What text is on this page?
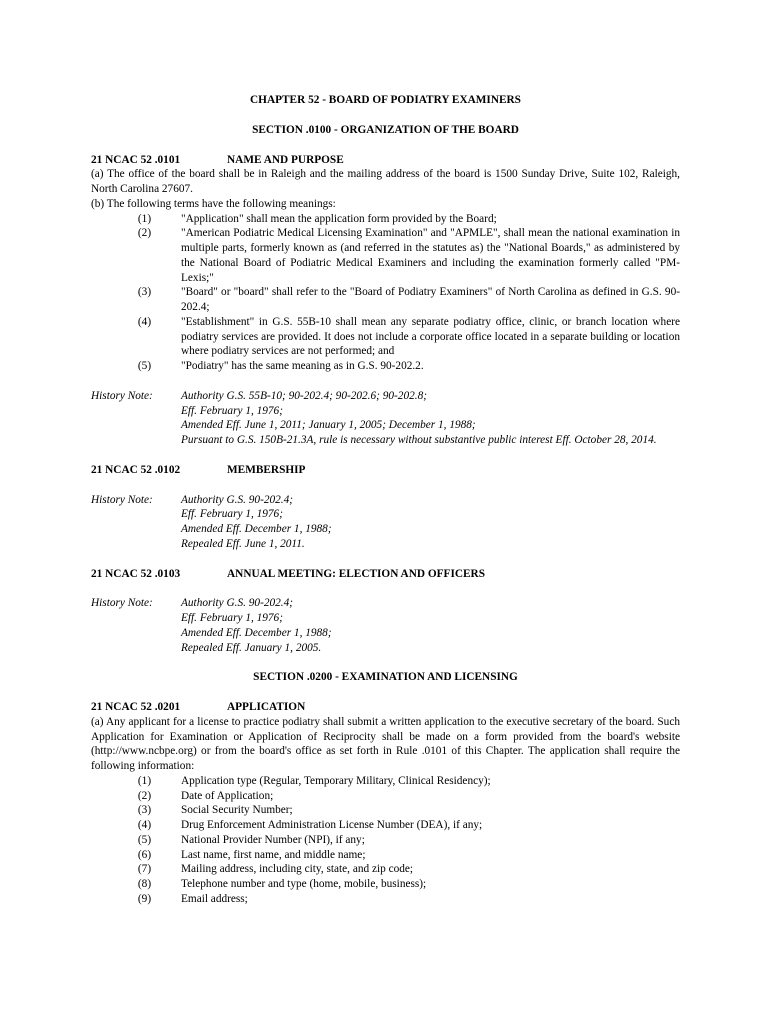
CHAPTER 52 - BOARD OF PODIATRY EXAMINERS

SECTION .0100 - ORGANIZATION OF THE BOARD

21 NCAC 52 .0101	NAME AND PURPOSE

(a) The office of the board shall be in Raleigh and the mailing address of the board is 1500 Sunday Drive, Suite 102, Raleigh, North Carolina 27607.

(b) The following terms have the following meanings:

(1)	"Application" shall mean the application form provided by the Board;
(2)	"American Podiatric Medical Licensing Examination" and "APMLE", shall mean the national examination in multiple parts, formerly known as (and referred in the statutes as) the "National Boards," as administered by the National Board of Podiatric Medical Examiners and including the examination formerly called "PM-Lexis;"
(3)	"Board" or "board" shall refer to the "Board of Podiatry Examiners" of North Carolina as defined in G.S. 90-202.4;
(4)	"Establishment" in G.S. 55B-10 shall mean any separate podiatry office, clinic, or branch location where podiatry services are provided. It does not include a corporate office located in a separate building or location where podiatry services are not performed; and
(5)	"Podiatry" has the same meaning as in G.S. 90-202.2.
History Note:	Authority G.S. 55B-10; 90-202.4; 90-202.6; 90-202.8;
Eff. February 1, 1976;
Amended Eff. June 1, 2011; January 1, 2005; December 1, 1988;
Pursuant to G.S. 150B-21.3A, rule is necessary without substantive public interest Eff. October 28, 2014.

21 NCAC 52 .0102	MEMBERSHIP

History Note:	Authority G.S. 90-202.4;
Eff. February 1, 1976;
Amended Eff. December 1, 1988;
Repealed Eff. June 1, 2011.

21 NCAC 52 .0103	ANNUAL MEETING: ELECTION AND OFFICERS

History Note:	Authority G.S. 90-202.4;
Eff. February 1, 1976;
Amended Eff. December 1, 1988;
Repealed Eff. January 1, 2005.

SECTION .0200 - EXAMINATION AND LICENSING

21 NCAC 52 .0201	APPLICATION

(a) Any applicant for a license to practice podiatry shall submit a written application to the executive secretary of the board. Such Application for Examination or Application of Reciprocity shall be made on a form provided from the board's website (http://www.ncbpe.org) or from the board's office as set forth in Rule .0101 of this Chapter. The application shall require the following information:

(1)	Application type (Regular, Temporary Military, Clinical Residency);
(2)	Date of Application;
(3)	Social Security Number;
(4)	Drug Enforcement Administration License Number (DEA), if any;
(5)	National Provider Number (NPI), if any;
(6)	Last name, first name, and middle name;
(7)	Mailing address, including city, state, and zip code;
(8)	Telephone number and type (home, mobile, business);
(9)	Email address;
